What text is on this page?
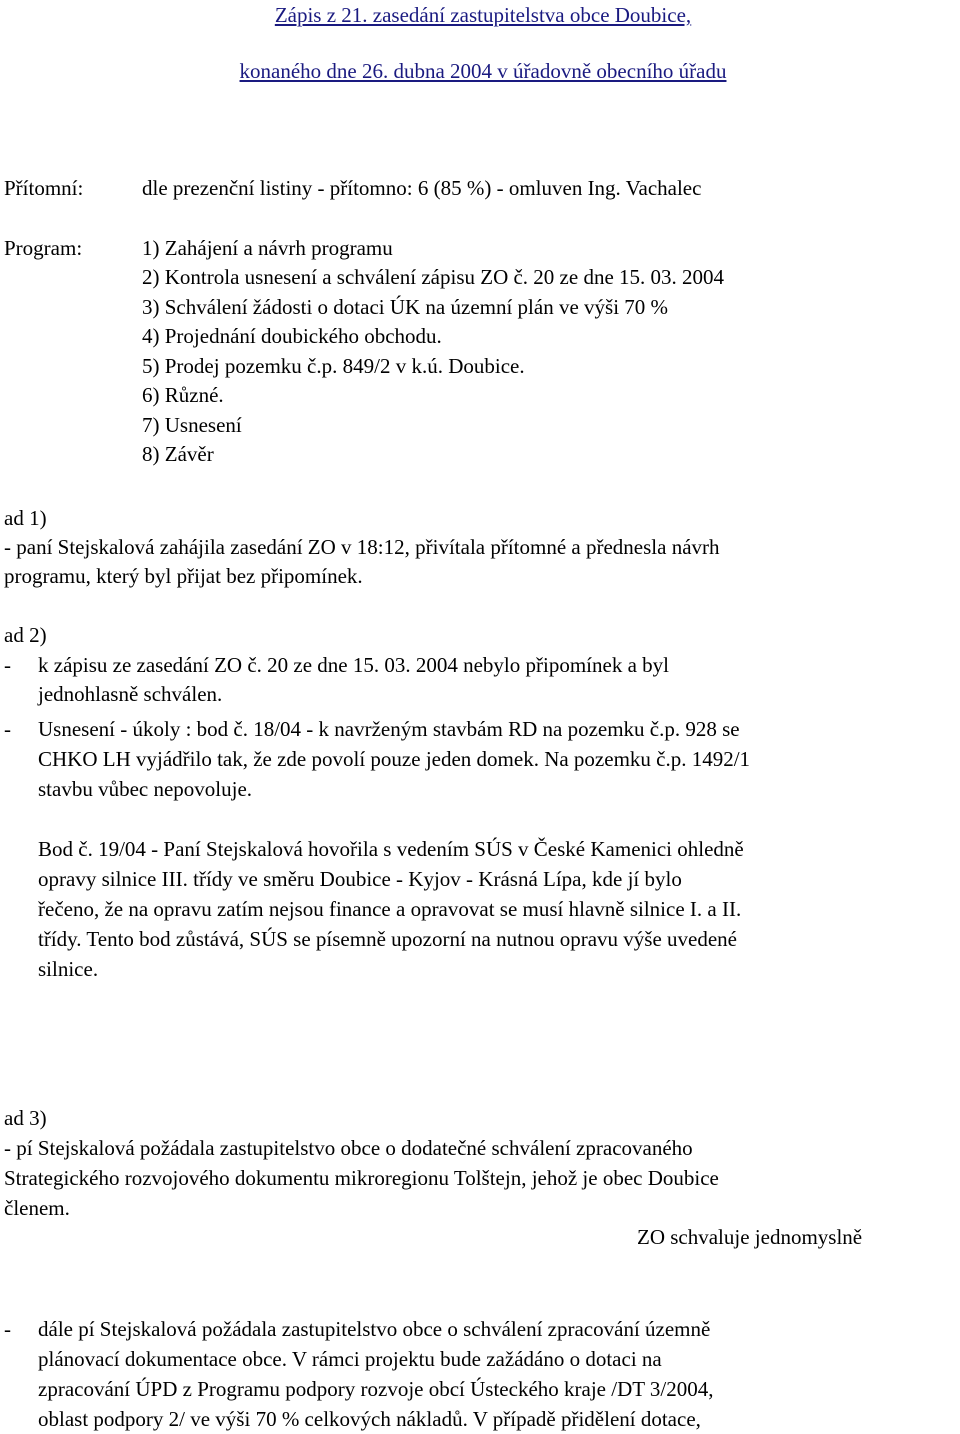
Zápis z 21. zasedání zastupitelstva obce Doubice,
konaného dne 26. dubna 2004 v úřadovně obecního úřadu
Přítomní:	dle prezenční listiny - přítomno: 6 (85 %) - omluven Ing. Vachalec
Program:	1) Zahájení a návrh programu
2) Kontrola usnesení a schválení zápisu ZO č. 20 ze dne 15. 03. 2004
3) Schválení žádosti o dotaci ÚK na územní plán ve výši 70 %
4) Projednání doubického obchodu.
5) Prodej pozemku č.p. 849/2 v k.ú. Doubice.
6) Různé.
7) Usnesení
8) Závěr
ad 1)
- paní Stejskalová zahájila zasedání ZO v 18:12, přivítala přítomné a přednesla návrh
programu, který byl přijat bez připomínek.
ad 2)
- k zápisu ze zasedání ZO č. 20 ze dne 15. 03. 2004 nebylo připomínek a byl
jednohlasně schválen.
- Usnesení - úkoly : bod č. 18/04 - k navrženým stavbám RD na pozemku č.p. 928 se
CHKO LH vyjádřilo tak, že zde povolí pouze jeden domek. Na pozemku č.p. 1492/1
stavbu vůbec nepovoluje.
Bod č. 19/04 - Paní Stejskalová hovořila s vedením SÚS v České Kamenici ohledně
opravy silnice III. třídy ve směru Doubice - Kyjov - Krásná Lípa, kde jí bylo
řečeno, že na opravu zatím nejsou finance a opravovat se musí hlavně silnice I. a II.
třídy. Tento bod zůstává, SÚS se písemně upozorní na nutnou opravu výše uvedené
silnice.
ad 3)
- pí Stejskalová požádala zastupitelstvo obce o dodatečné schválení zpracovaného
Strategického rozvojového dokumentu mikroregionu Tolštejn, jehož je obec Doubice
členem.
ZO schvaluje jednomyslně
- dále pí Stejskalová požádala zastupitelstvo obce o schválení zpracování územně
plánovací dokumentace obce. V rámci projektu bude zažádáno o dotaci na
zpracování ÚPD z Programu podpory rozvoje obcí Ústeckého kraje /DT 3/2004,
oblast podpory 2/ ve výši 70 % celkových nákladů. V případě přidělení dotace,
